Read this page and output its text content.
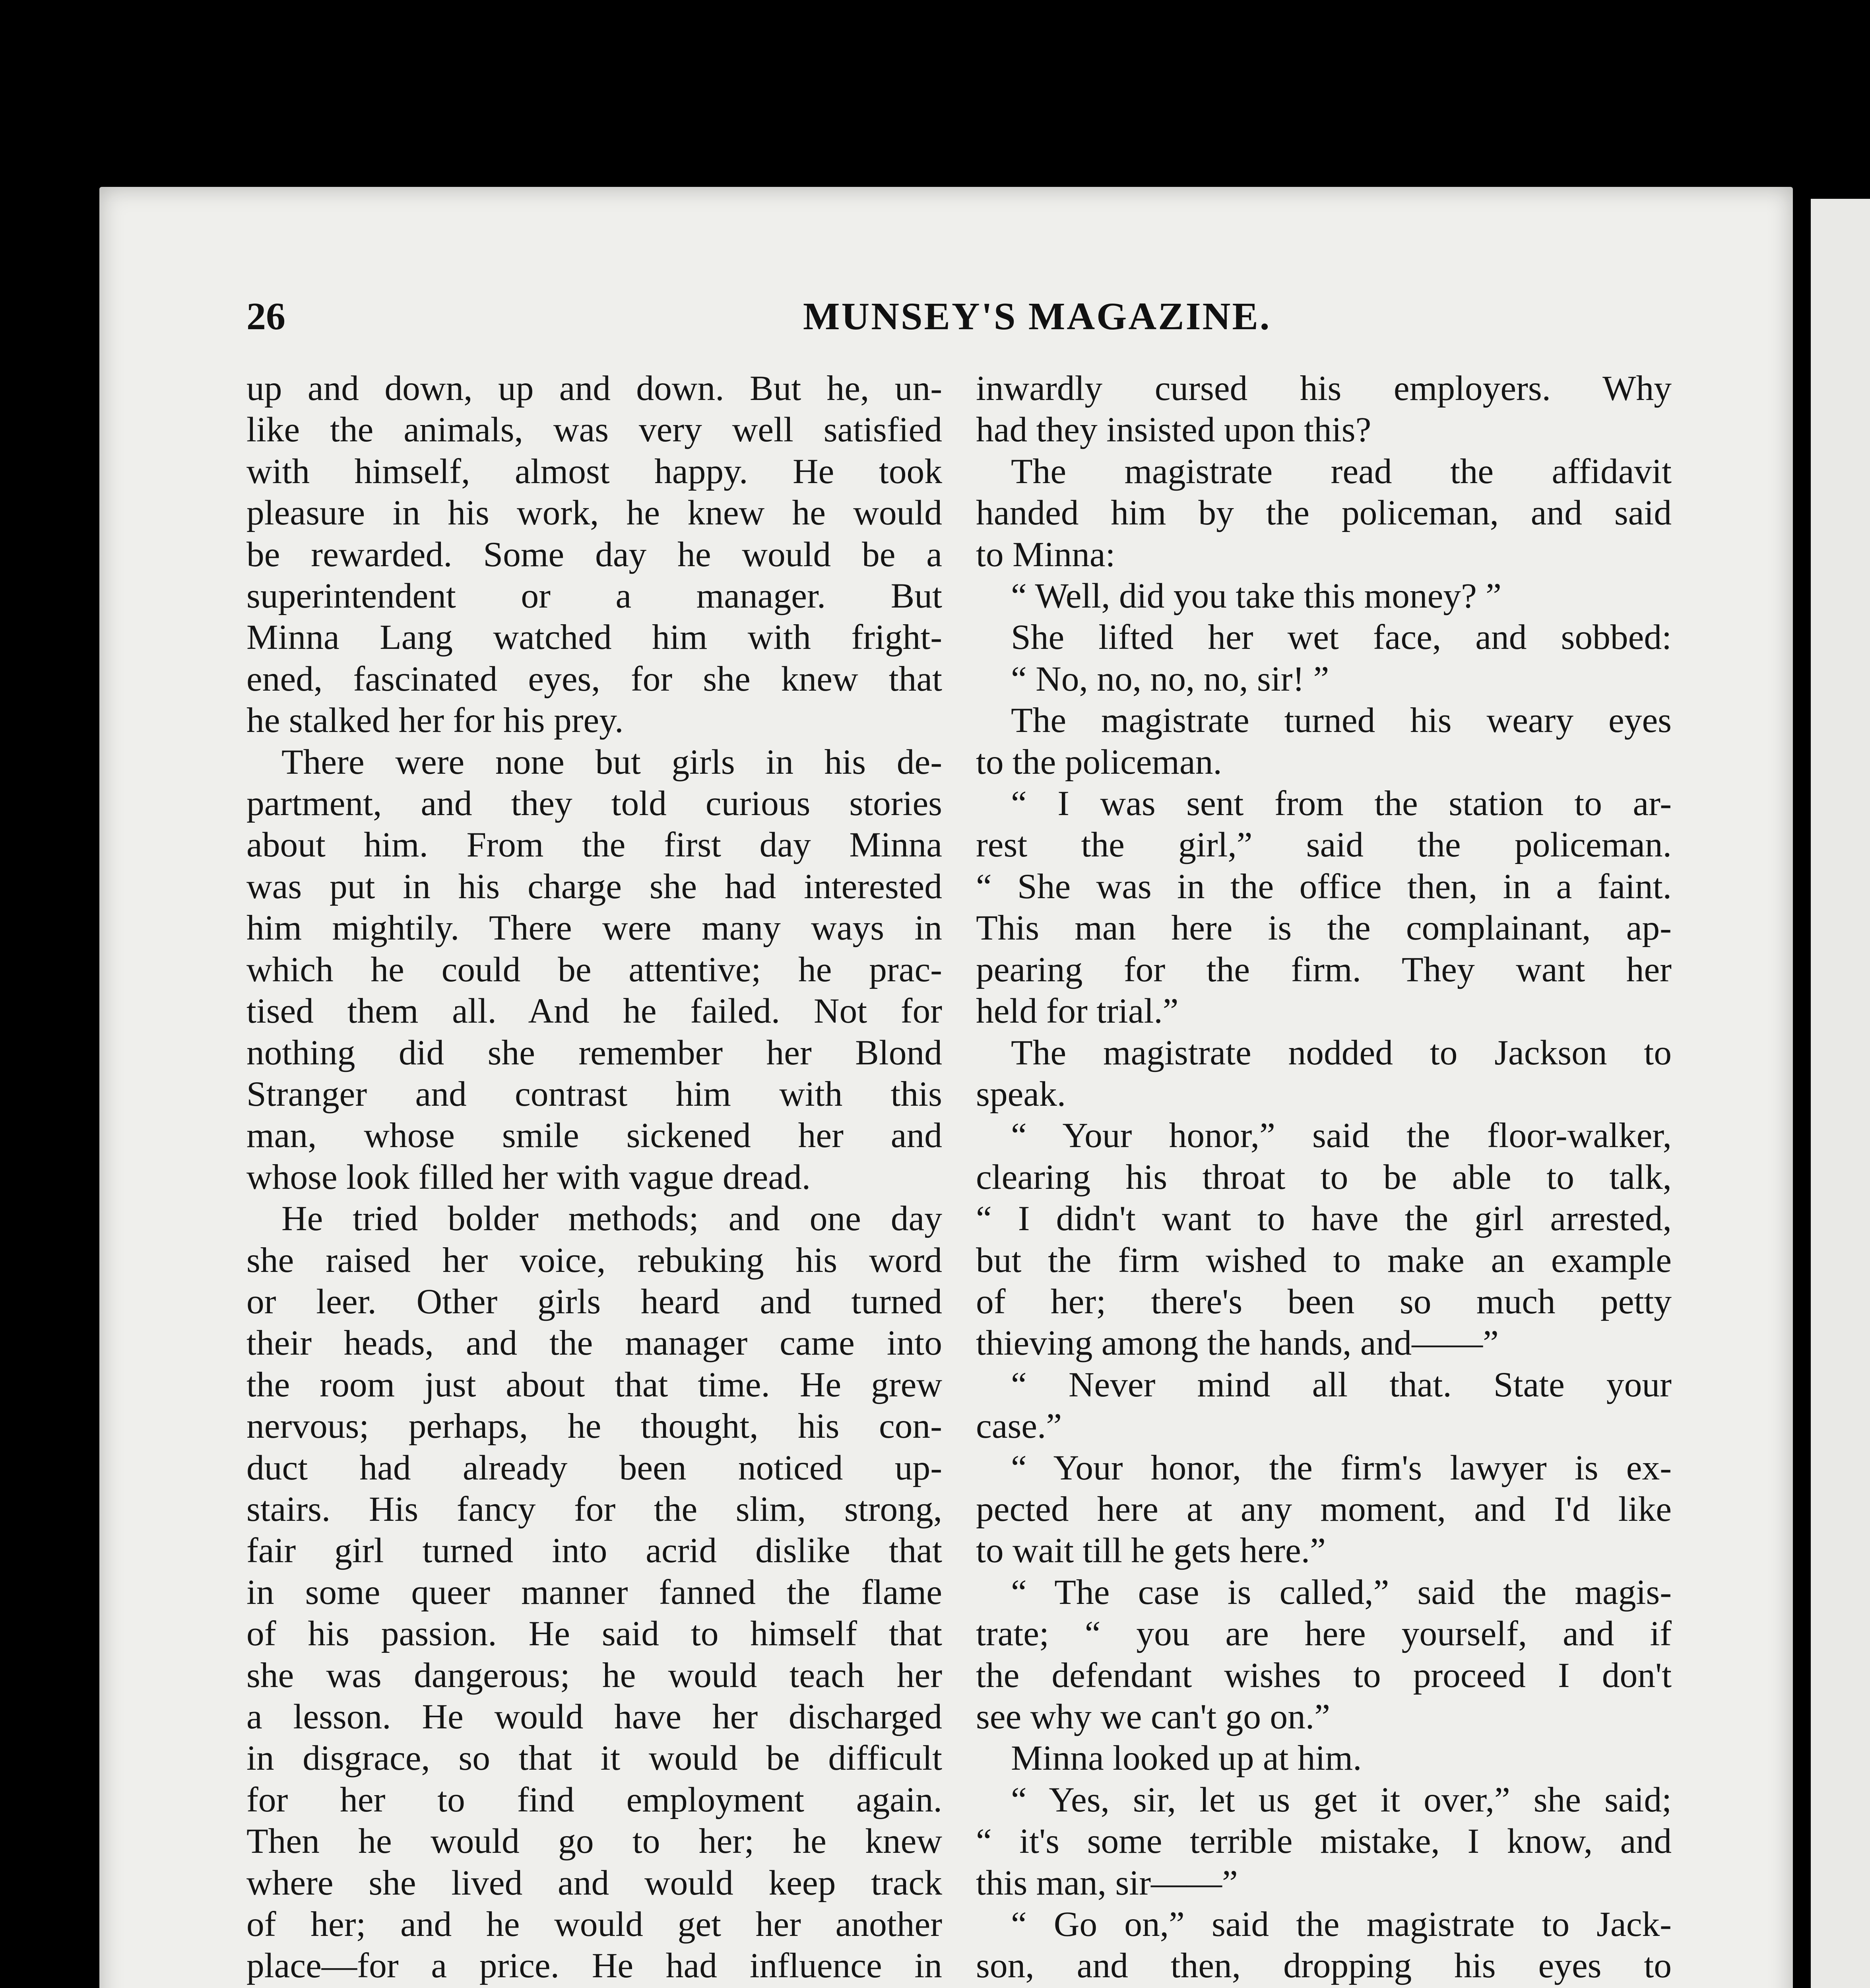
26	MUNSEY'S MAGAZINE.

up and down, up and down. But he, un-

like the animals, was very well satisfied

with himself, almost happy. He took

pleasure in his work, he knew he would

be rewarded. Some day he would be a

superintendent or a manager. But

Minna Lang watched him with fright-

ened, fascinated eyes, for she knew that

he stalked her for his prey.

There were none but girls in his de-

partment, and they told curious stories

about him. From the first day Minna

was put in his charge she had interested

him mightily. There were many ways in

which he could be attentive; he prac-

tised them all. And he failed. Not for

nothing did she remember her Blond

Stranger and contrast him with this

man, whose smile sickened her and

whose look filled her with vague dread.

He tried bolder methods; and one day

she raised her voice, rebuking his word

or leer. Other girls heard and turned

their heads, and the manager came into

the room just about that time. He grew

nervous; perhaps, he thought, his con-

duct had already been noticed up-

stairs. His fancy for the slim, strong,

fair girl turned into acrid dislike that

in some queer manner fanned the flame

of his passion. He said to himself that

she was dangerous; he would teach her

a lesson. He would have her discharged

in disgrace, so that it would be difficult

for her to find employment again.

Then he would go to her; he knew

where she lived and would keep track

of her; and he would get her another

place—for a price. He had influence in

inwardly cursed his employers. Why

had they insisted upon this?

The magistrate read the affidavit

handed him by the policeman, and said

to Minna:

“ Well, did you take this money? ”

She lifted her wet face, and sobbed:

“ No, no, no, no, sir! ”

The magistrate turned his weary eyes

to the policeman.

“ I was sent from the station to ar-

rest the girl,” said the policeman.

“ She was in the office then, in a faint.

This man here is the complainant, ap-

pearing for the firm. They want her

held for trial.”

The magistrate nodded to Jackson to

speak.

“ Your honor,” said the floor-walker,

clearing his throat to be able to talk,

“ I didn't want to have the girl arrested,

but the firm wished to make an example

of her; there's been so much petty

thieving among the hands, and——”

“ Never mind all that. State your

case.”

“ Your honor, the firm's lawyer is ex-

pected here at any moment, and I'd like

to wait till he gets here.”

“ The case is called,” said the magis-

trate; “ you are here yourself, and if

the defendant wishes to proceed I don't

see why we can't go on.”

Minna looked up at him.

“ Yes, sir, let us get it over,” she said;

“ it's some terrible mistake, I know, and

this man, sir——”

“ Go on,” said the magistrate to Jack-

son, and then, dropping his eyes to
